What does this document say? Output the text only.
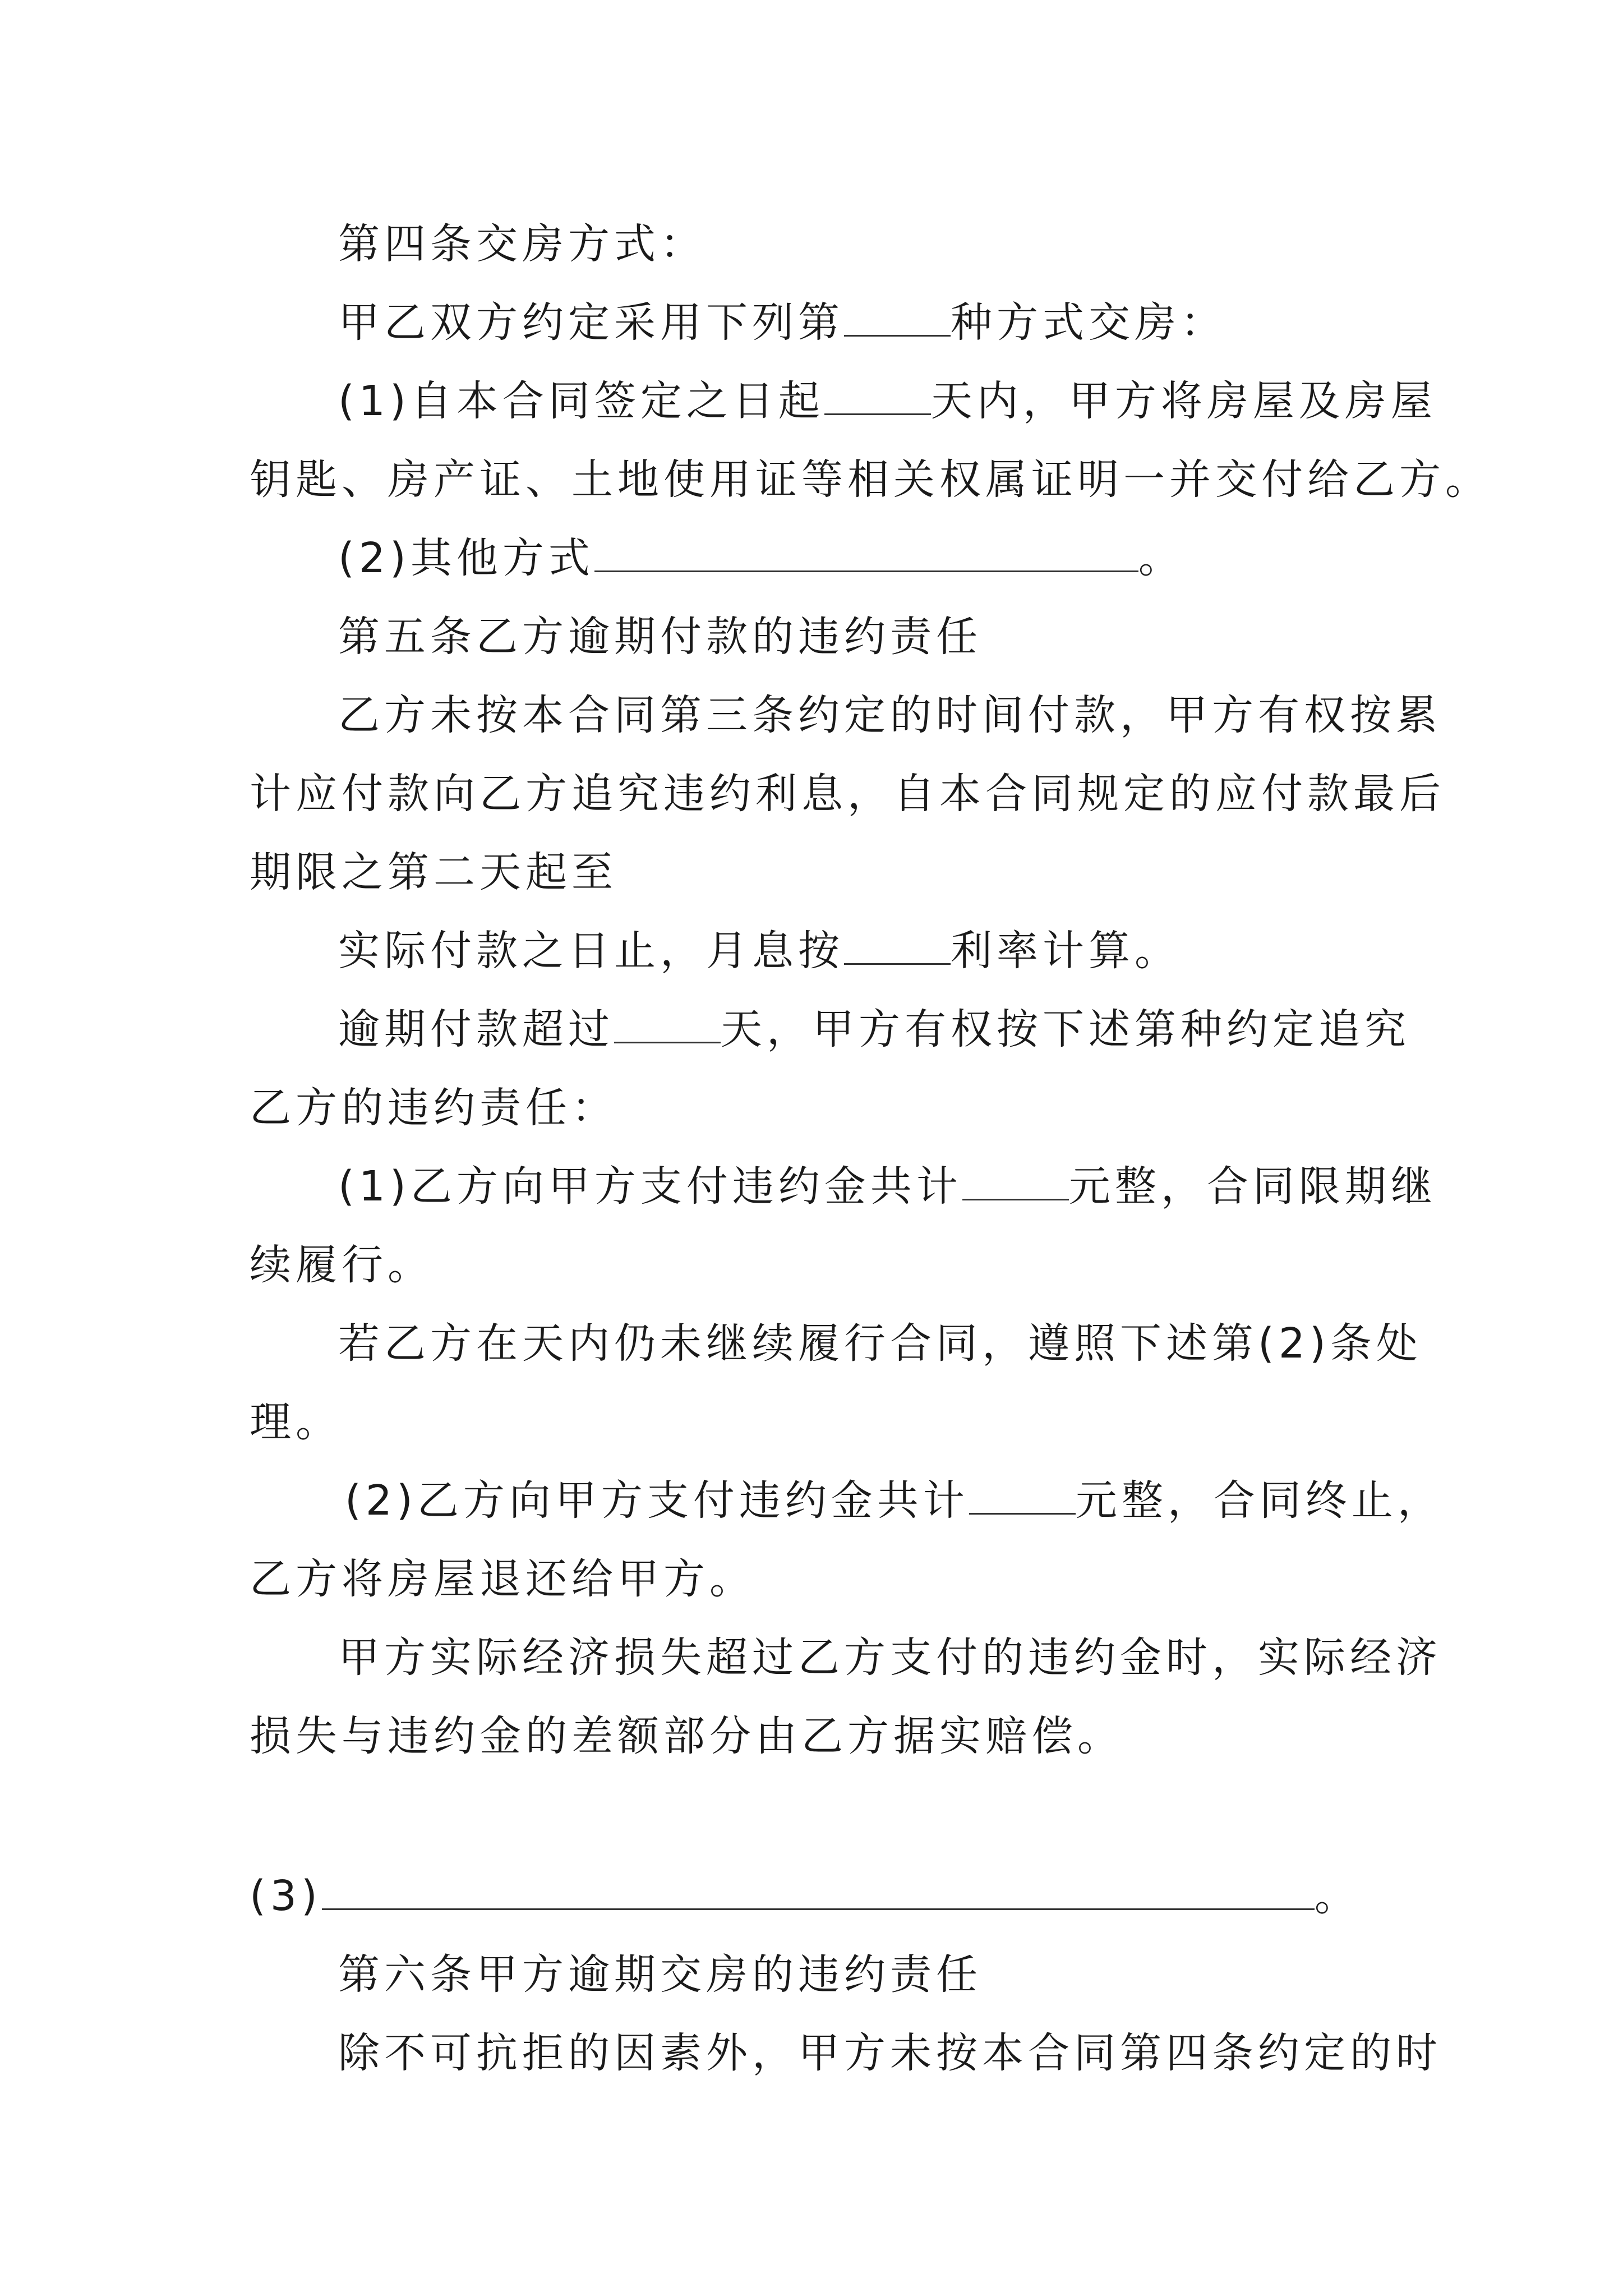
第四条交房方式：
甲乙双方约定采用下列第	种方式交房：
(1)自本合同签定之日起	天内，甲方将房屋及房屋
钥匙、房产证、土地使用证等相关权属证明一并交付给乙方。
(2)其他方式	。
第五条乙方逾期付款的违约责任
乙方未按本合同第三条约定的时间付款，甲方有权按累
计应付款向乙方追究违约利息，自本合同规定的应付款最后
期限之第二天起至
实际付款之日止，月息按	利率计算。
逾期付款超过	天，甲方有权按下述第种约定追究
乙方的违约责任：
(1)乙方向甲方支付违约金共计	元整，合同限期继
续履行。
若乙方在天内仍未继续履行合同，遵照下述第(2)条处
理。
(2)乙方向甲方支付违约金共计	元整，合同终止，
乙方将房屋退还给甲方。
甲方实际经济损失超过乙方支付的违约金时，实际经济
损失与违约金的差额部分由乙方据实赔偿。
(3)	。
第六条甲方逾期交房的违约责任
除不可抗拒的因素外，甲方未按本合同第四条约定的时
